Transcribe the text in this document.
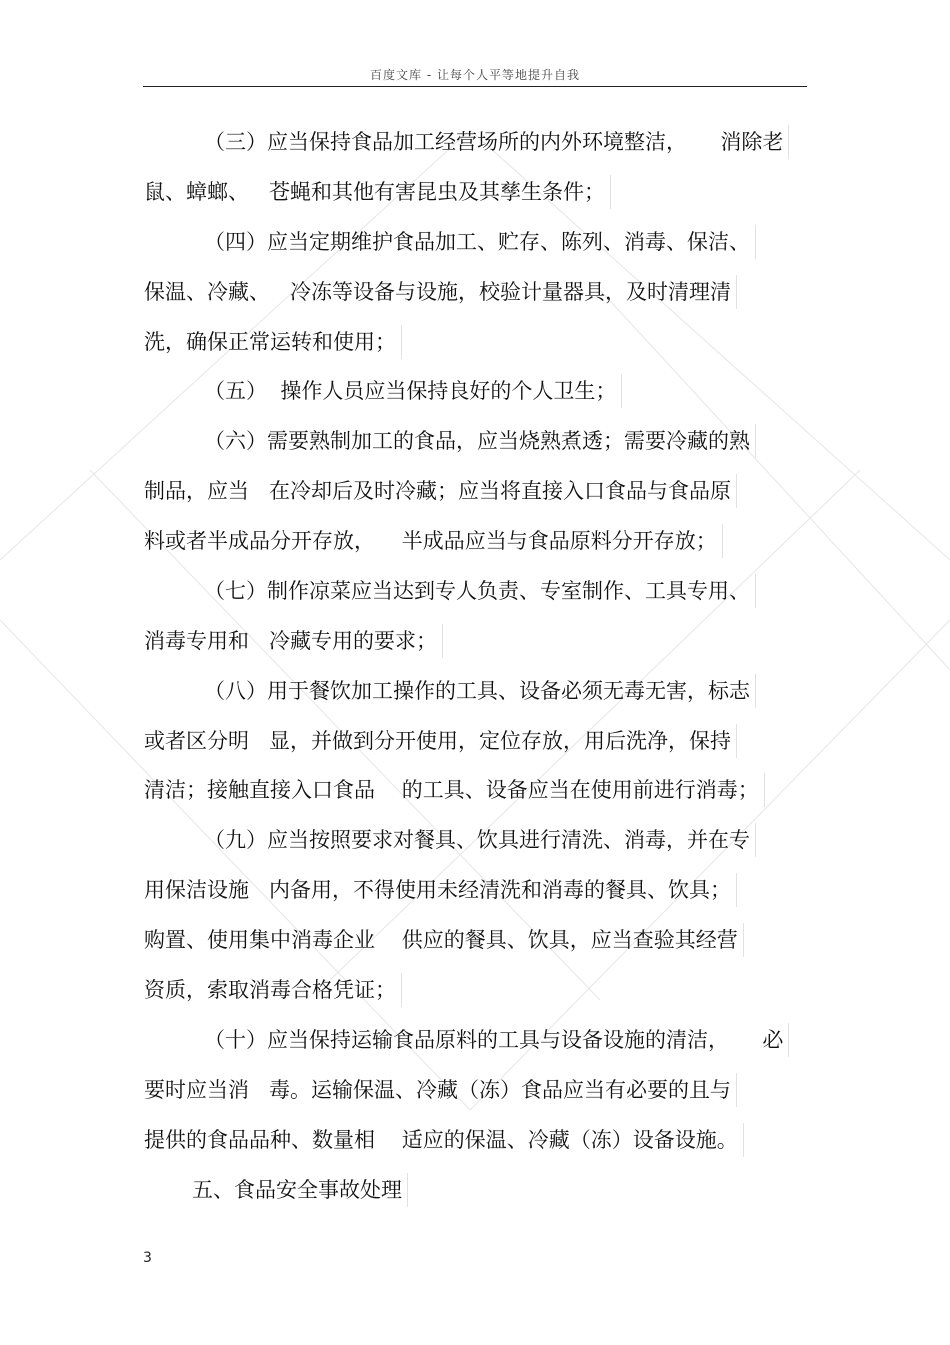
百度文库 - 让每个人平等地提升自我
（三）应当保持食品加工经营场所的内外环境整洁，     消除老
鼠、蟑螂、   苍蝇和其他有害昆虫及其孳生条件；
（四）应当定期维护食品加工、贮存、陈列、消毒、保洁、
保温、冷藏、   冷冻等设备与设施，校验计量器具，及时清理清
洗，确保正常运转和使用；
（五）  操作人员应当保持良好的个人卫生；
（六）需要熟制加工的食品，应当烧熟煮透；需要冷藏的熟
制品，应当   在冷却后及时冷藏；应当将直接入口食品与食品原
料或者半成品分开存放，    半成品应当与食品原料分开存放；
（七）制作凉菜应当达到专人负责、专室制作、工具专用、
消毒专用和   冷藏专用的要求；
（八）用于餐饮加工操作的工具、设备必须无毒无害，标志
或者区分明   显，并做到分开使用，定位存放，用后洗净，保持
清洁；接触直接入口食品    的工具、设备应当在使用前进行消毒；
（九）应当按照要求对餐具、饮具进行清洗、消毒，并在专
用保洁设施   内备用，不得使用未经清洗和消毒的餐具、饮具；
购置、使用集中消毒企业    供应的餐具、饮具，应当查验其经营
资质，索取消毒合格凭证；
（十）应当保持运输食品原料的工具与设备设施的清洁，     必
要时应当消   毒。运输保温、冷藏（冻）食品应当有必要的且与
提供的食品品种、数量相    适应的保温、冷藏（冻）设备设施。
五、食品安全事故处理
3
